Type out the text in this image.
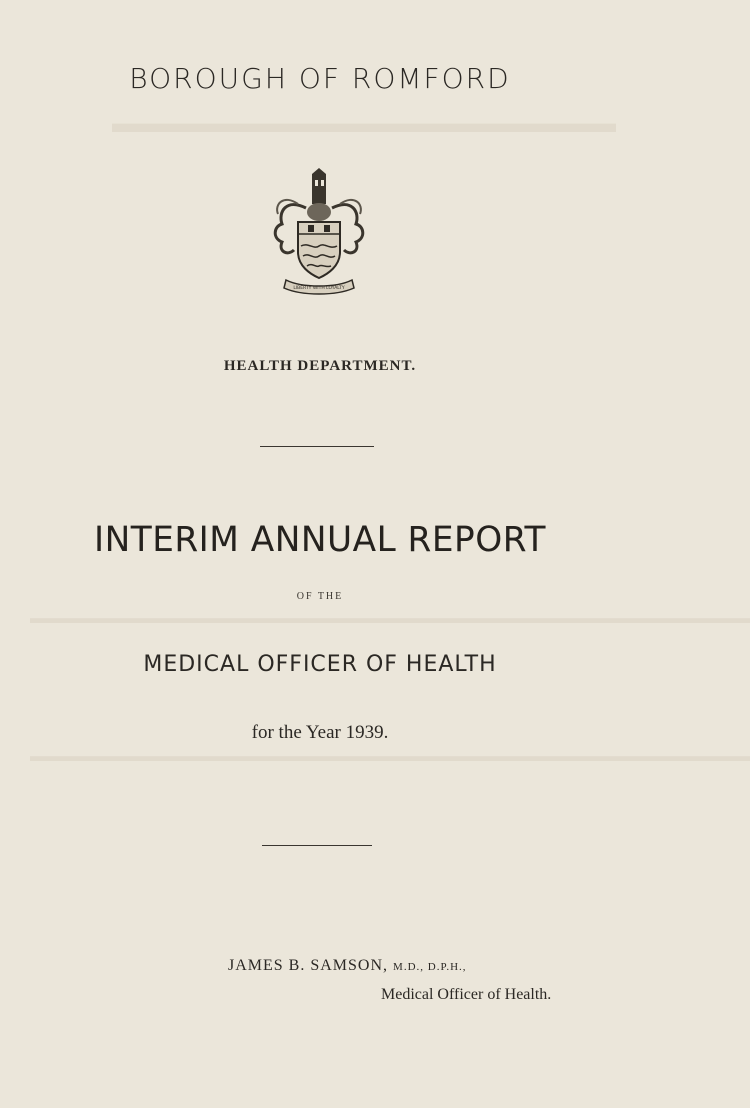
▬▬▬▬▬▬▬▬▬▬▬▬▬▬▬▬▬▬
▬▬▬▬▬▬▬▬▬▬▬▬▬▬▬▬▬▬▬▬▬▬▬▬▬▬▬▬▬▬▬▬▬▬▬▬▬▬▬▬▬▬▬▬▬
▬▬▬▬▬▬▬▬▬▬▬▬▬▬▬▬▬▬▬▬▬▬▬▬▬▬▬▬▬▬▬▬▬▬▬▬▬▬▬▬▬▬▬▬▬
BOROUGH OF ROMFORD
LIBERTY WITH LOYALTY
HEALTH DEPARTMENT.
INTERIM ANNUAL REPORT
OF THE
MEDICAL OFFICER OF HEALTH
for the Year 1939.
JAMES B. SAMSON, M.D., D.P.H.,
Medical Officer of Health.
